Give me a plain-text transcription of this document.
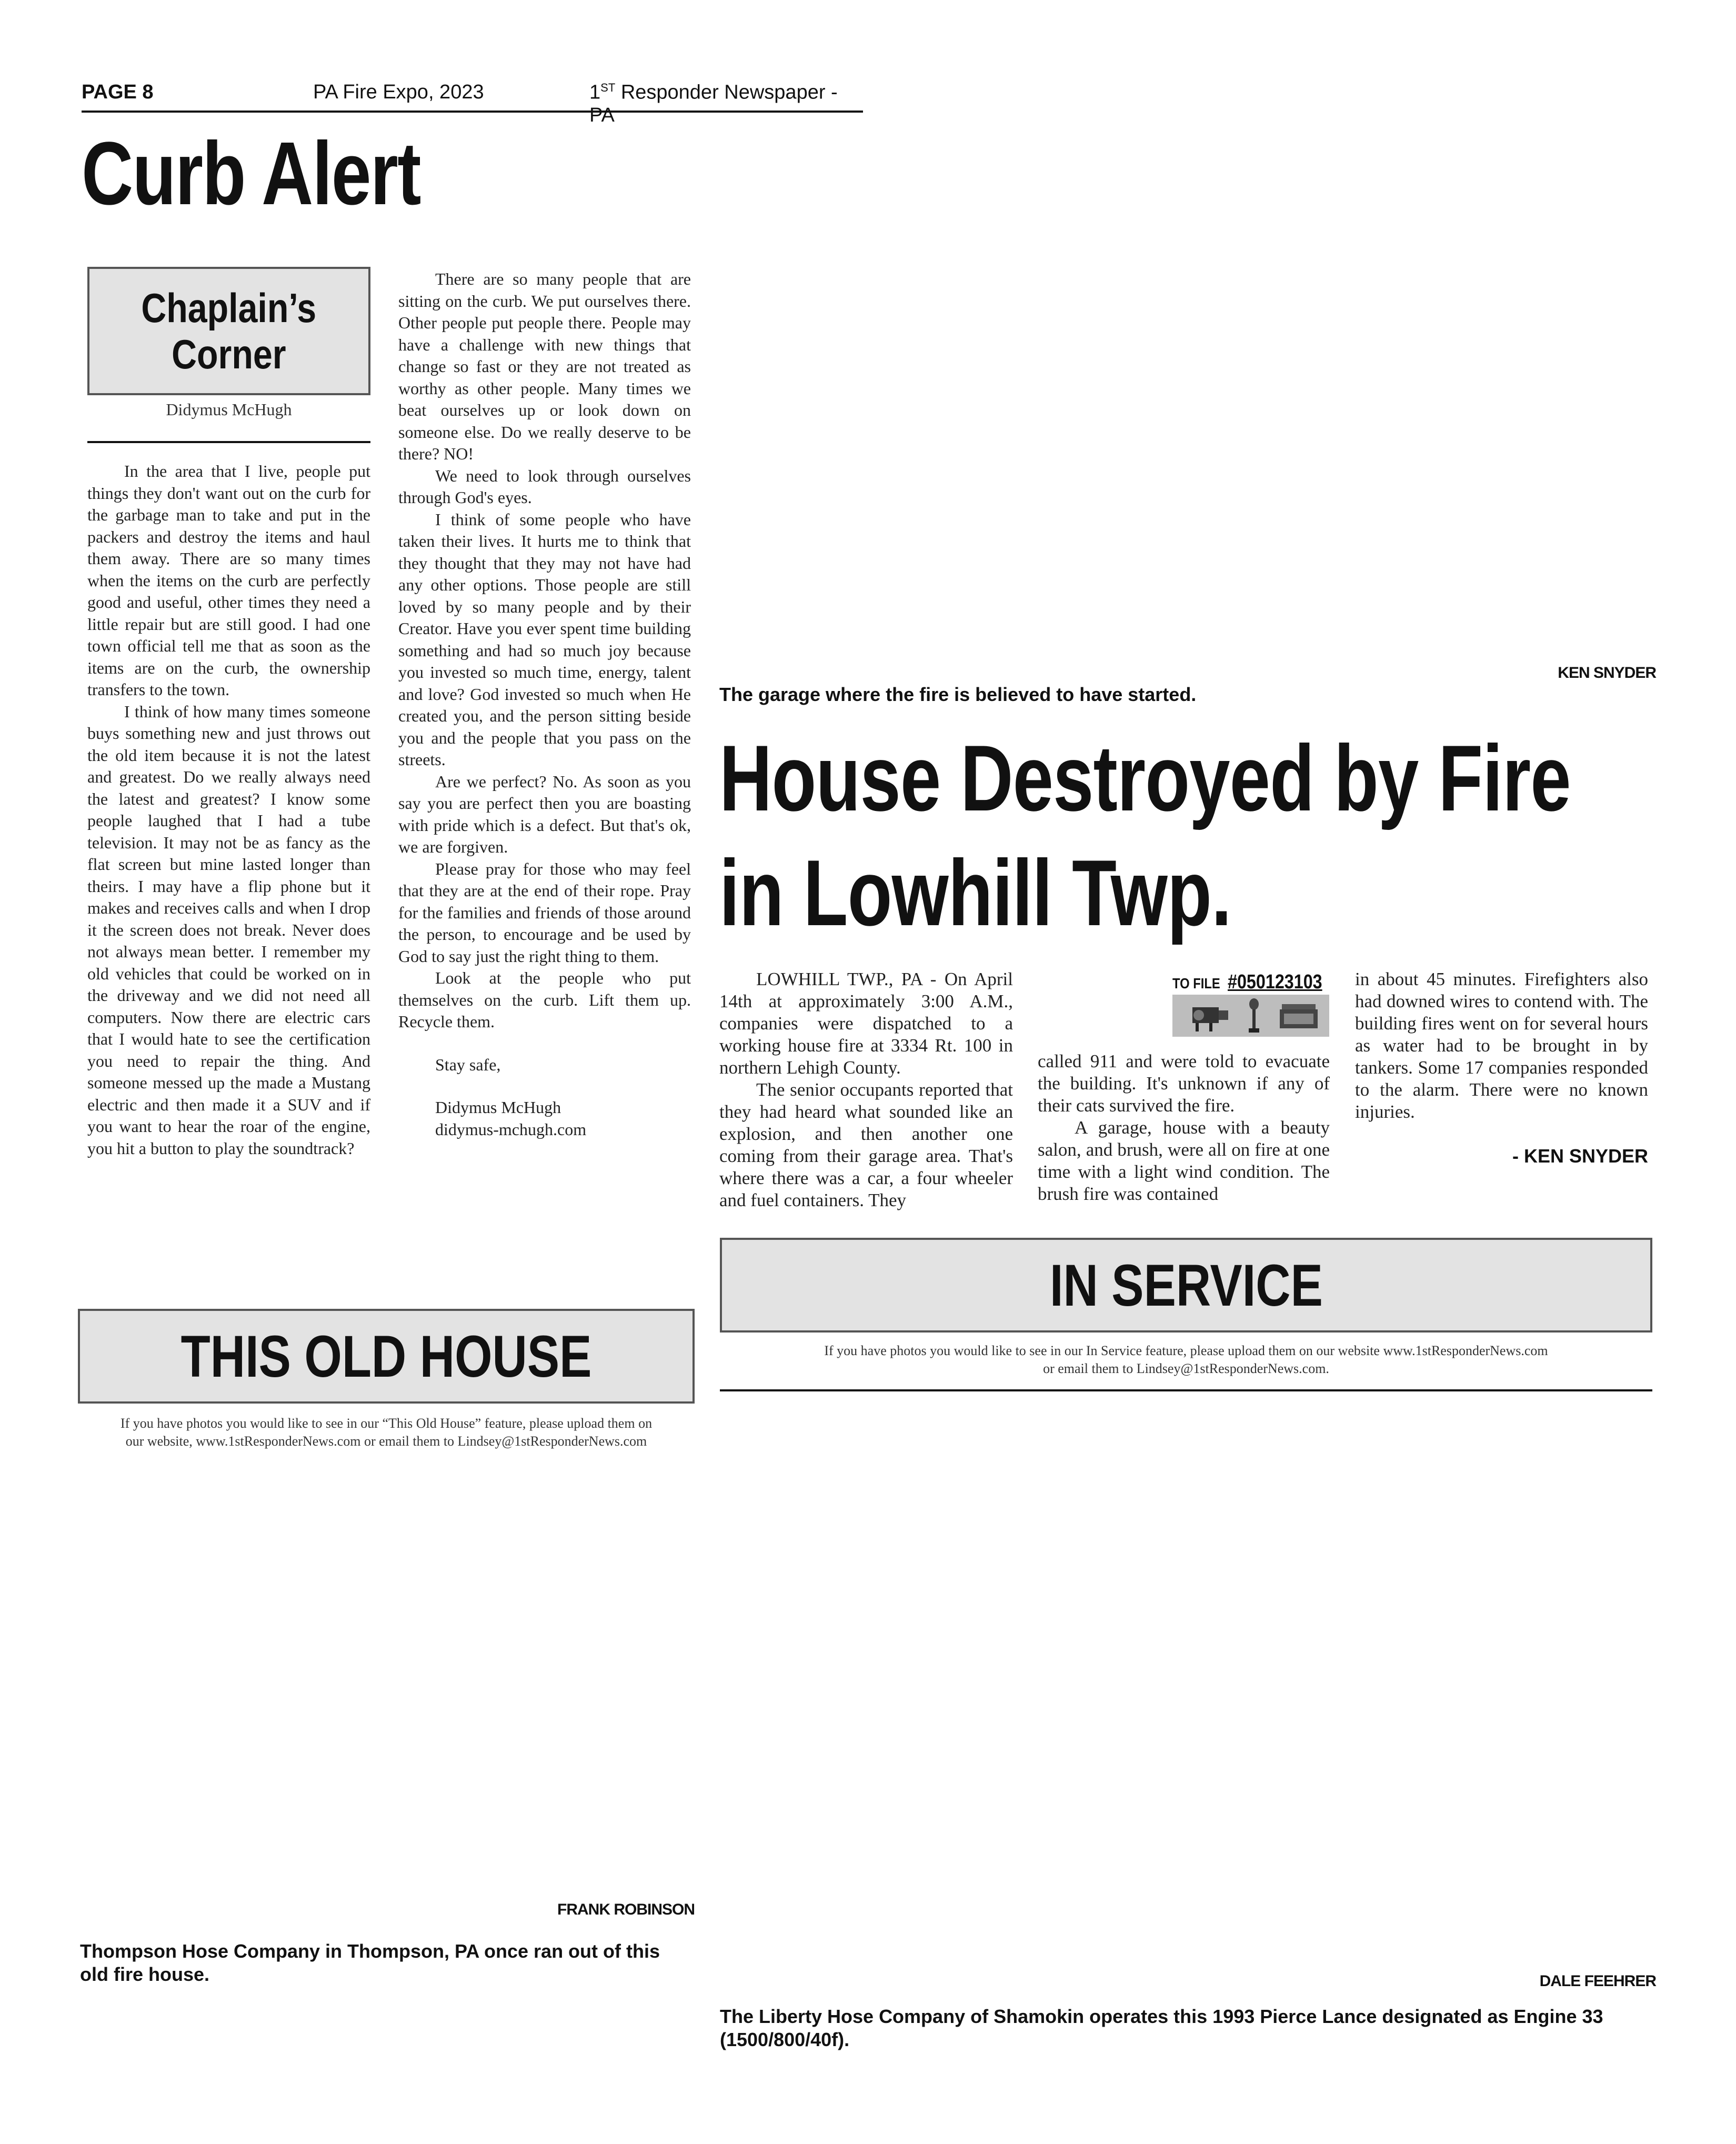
PAGE 8	PA Fire Expo, 2023	1ST Responder Newspaper - PA
Curb Alert
Chaplain’s
Corner
Didymus McHugh

In the area that I live, people put things they don't want out on the curb for the garbage man to take and put in the packers and destroy the items and haul them away. There are so many times when the items on the curb are perfectly good and useful, other times they need a little repair but are still good. I had one town official tell me that as soon as the items are on the curb, the ownership transfers to the town.

I think of how many times someone buys something new and just throws out the old item because it is not the latest and greatest. Do we really always need the latest and greatest? I know some people laughed that I had a tube television. It may not be as fancy as the flat screen but mine lasted longer than theirs. I may have a flip phone but it makes and receives calls and when I drop it the screen does not break. Never does not always mean better. I remember my old vehicles that could be worked on in the driveway and we did not need all computers. Now there are electric cars that I would hate to see the certification you need to repair the thing. And someone messed up the made a Mustang electric and then made it a SUV and if you want to hear the roar of the engine, you hit a button to play the soundtrack?

There are so many people that are sitting on the curb. We put ourselves there. Other people put people there. People may have a challenge with new things that change so fast or they are not treated as worthy as other people. Many times we beat ourselves up or look down on someone else. Do we really deserve to be there? NO!

We need to look through ourselves through God's eyes.

I think of some people who have taken their lives. It hurts me to think that they thought that they may not have had any other options. Those people are still loved by so many people and by their Creator. Have you ever spent time building something and had so much joy because you invested so much time, energy, talent and love? God invested so much when He created you, and the person sitting beside you and the people that you pass on the streets.

Are we perfect? No. As soon as you say you are perfect then you are boasting with pride which is a defect. But that's ok, we are forgiven.

Please pray for those who may feel that they are at the end of their rope. Pray for the families and friends of those around the person, to encourage and be used by God to say just the right thing to them.

Look at the people who put themselves on the curb. Lift them up. Recycle them.

Stay safe,

Didymus McHugh

didymus-mchugh.com

KEN SNYDER
The garage where the fire is believed to have started.
House Destroyed by Fire
in Lowhill Twp.

LOWHILL TWP., PA - On April 14th at approximately 3:00 A.M., companies were dispatched to a working house fire at 3334 Rt. 100 in northern Lehigh County.

The senior occupants reported that they had heard what sounded like an explosion, and then another one coming from their garage area. That's where there was a car, a four wheeler and fuel containers. They

TO FILE #050123103

called 911 and were told to evacuate the building. It's unknown if any of their cats survived the fire.

A garage, house with a beauty salon, and brush, were all on fire at one time with a light wind condition. The brush fire was contained

in about 45 minutes. Firefighters also had downed wires to contend with. The building fires went on for several hours as water had to be brought in by tankers. Some 17 companies responded to the alarm. There were no known injuries.

- KEN SNYDER
IN SERVICE
If you have photos you would like to see in our In Service feature, please upload them on our website www.1stResponderNews.com
or email them to Lindsey@1stResponderNews.com.
DALE FEEHRER
The Liberty Hose Company of Shamokin operates this 1993 Pierce Lance designated as Engine 33
(1500/800/40f).
THIS OLD HOUSE
If you have photos you would like to see in our “This Old House” feature, please upload them on
our website, www.1stResponderNews.com or email them to Lindsey@1stResponderNews.com
FRANK ROBINSON
Thompson Hose Company in Thompson, PA once ran out of this
old fire house.
